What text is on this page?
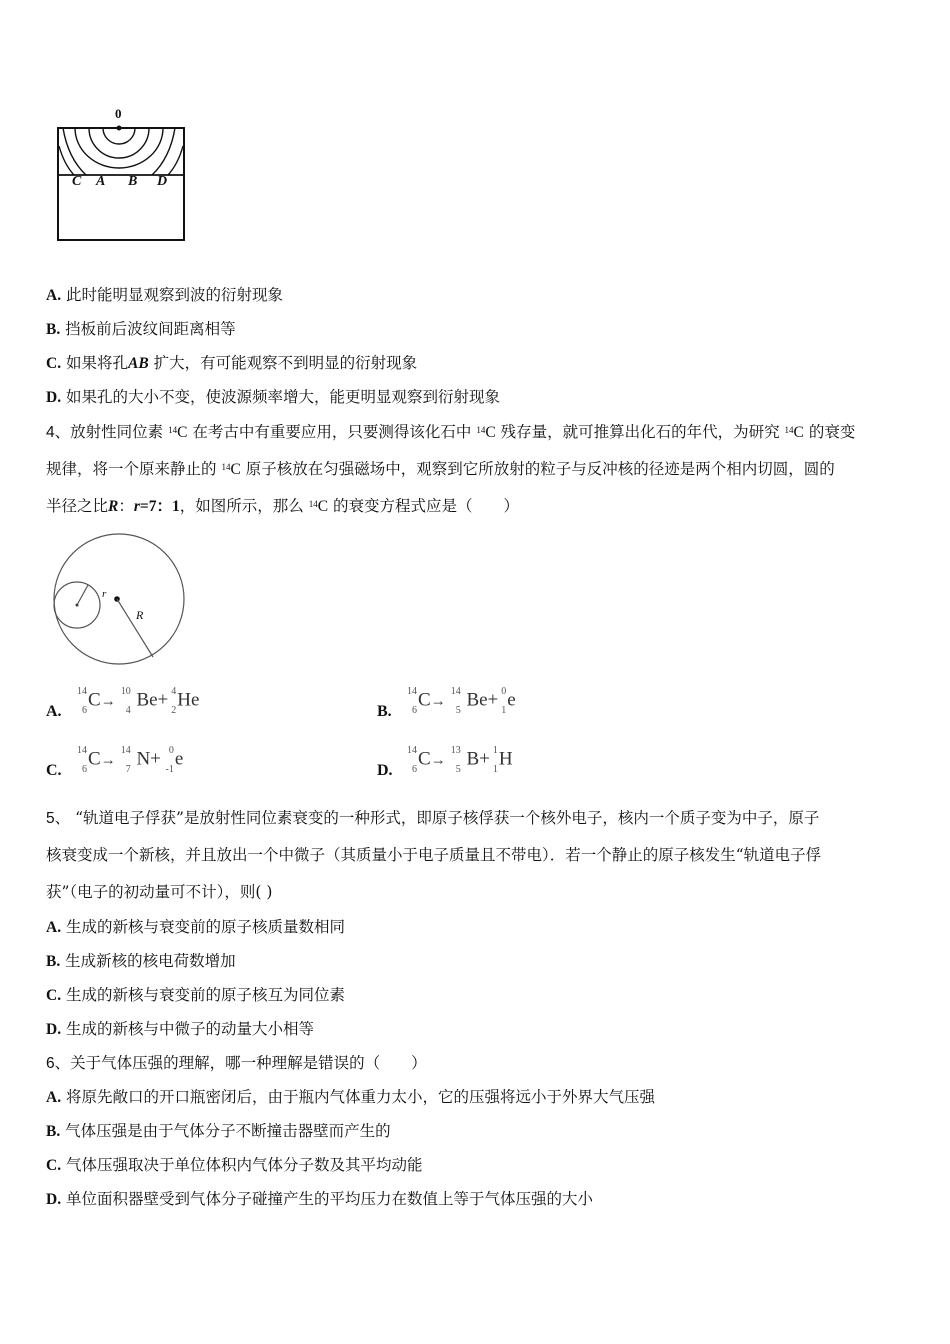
0
C A B D
A. 此时能明显观察到波的衍射现象
B. 挡板前后波纹间距离相等
C. 如果将孔AB 扩大，有可能观察不到明显的衍射现象
D. 如果孔的大小不变，使波源频率增大，能更明显观察到衍射现象
4、放射性同位素 $^{14}$C 在考古中有重要应用，只要测得该化石中 $^{14}$C 残存量，就可推算出化石的年代，为研究 $^{14}$C 的衰变
规律，将一个原来静止的 $^{14}$C 原子核放在匀强磁场中，观察到它所放射的粒子与反冲核的径迹是两个相内切圆，圆的
半径之比R：r=7：1，如图所示，那么 $^{14}$C 的衰变方程式应是（　　）
r
R
A.
14
6
C→
10
4
Be+ 4
2
He
B.
14
6
C→
14
5
Be+ 0
1
e
C.
14
6
C→
14
7
N+ 0
-1
e
D.
14
6
C→
13
5
B+ 1
1
H
5、 “轨道电子俘获”是放射性同位素衰变的一种形式，即原子核俘获一个核外电子，核内一个质子变为中子，原子
核衰变成一个新核，并且放出一个中微子（其质量小于电子质量且不带电）．若一个静止的原子核发生“轨道电子俘
获”（电子的初动量可不计），则( )
A. 生成的新核与衰变前的原子核质量数相同
B. 生成新核的核电荷数增加
C. 生成的新核与衰变前的原子核互为同位素
D. 生成的新核与中微子的动量大小相等
6、关于气体压强的理解，哪一种理解是错误的（　　）
A. 将原先敞口的开口瓶密闭后，由于瓶内气体重力太小，它的压强将远小于外界大气压强
B. 气体压强是由于气体分子不断撞击器壁而产生的
C. 气体压强取决于单位体积内气体分子数及其平均动能
D. 单位面积器壁受到气体分子碰撞产生的平均压力在数值上等于气体压强的大小
